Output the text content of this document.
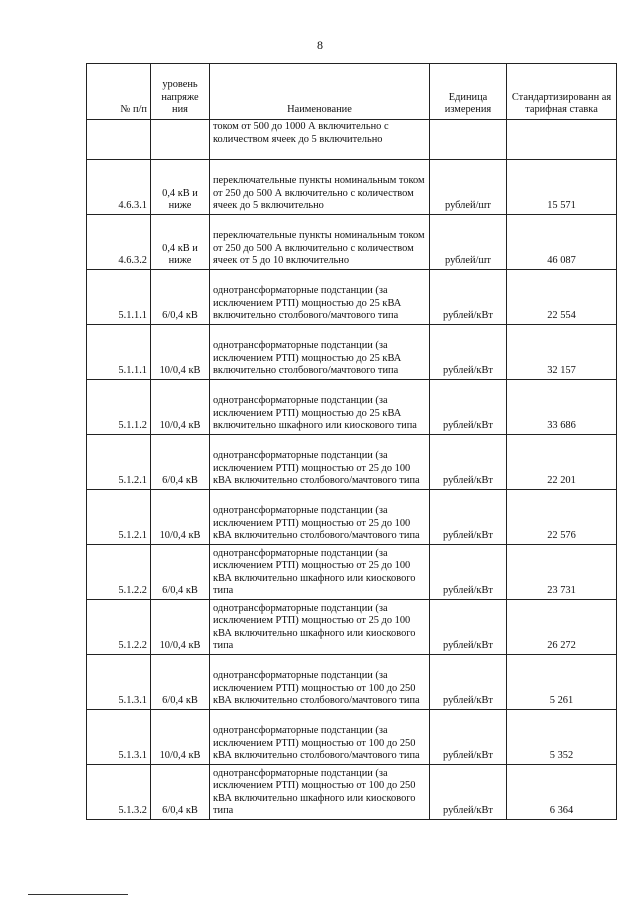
8
№ п/п	уровень напряже ния	Наименование	Единица измерения	Стандартизированн ая тарифная ставка
		током от 500 до 1000 А включительно с количеством ячеек до 5 включительно		
4.6.3.1	0,4 кВ и ниже	переключательные пункты номинальным током от 250 до 500 А включительно с количеством ячеек до 5 включительно	рублей/шт	15 571
4.6.3.2	0,4 кВ и ниже	переключательные пункты номинальным током от 250 до 500 А включительно с количеством ячеек от 5 до 10 включительно	рублей/шт	46 087
5.1.1.1	6/0,4 кВ	однотрансформаторные подстанции (за исключением РТП) мощностью до 25 кВА включительно столбового/мачтового типа	рублей/кВт	22 554
5.1.1.1	10/0,4 кВ	однотрансформаторные подстанции (за исключением РТП) мощностью до 25 кВА включительно столбового/мачтового типа	рублей/кВт	32 157
5.1.1.2	10/0,4 кВ	однотрансформаторные подстанции (за исключением РТП) мощностью до 25 кВА включительно шкафного или киоскового типа	рублей/кВт	33 686
5.1.2.1	6/0,4 кВ	однотрансформаторные подстанции (за исключением РТП) мощностью от 25 до 100 кВА включительно столбового/мачтового типа	рублей/кВт	22 201
5.1.2.1	10/0,4 кВ	однотрансформаторные подстанции (за исключением РТП) мощностью от 25 до 100 кВА включительно столбового/мачтового типа	рублей/кВт	22 576
5.1.2.2	6/0,4 кВ	однотрансформаторные подстанции (за исключением РТП) мощностью от 25 до 100 кВА включительно шкафного или киоскового типа	рублей/кВт	23 731
5.1.2.2	10/0,4 кВ	однотрансформаторные подстанции (за исключением РТП) мощностью от 25 до 100 кВА включительно шкафного или киоскового типа	рублей/кВт	26 272
5.1.3.1	6/0,4 кВ	однотрансформаторные подстанции (за исключением РТП) мощностью от 100 до 250 кВА включительно столбового/мачтового типа	рублей/кВт	5 261
5.1.3.1	10/0,4 кВ	однотрансформаторные подстанции (за исключением РТП) мощностью от 100 до 250 кВА включительно столбового/мачтового типа	рублей/кВт	5 352
5.1.3.2	6/0,4 кВ	однотрансформаторные подстанции (за исключением РТП) мощностью от 100 до 250 кВА включительно шкафного или киоскового типа	рублей/кВт	6 364
